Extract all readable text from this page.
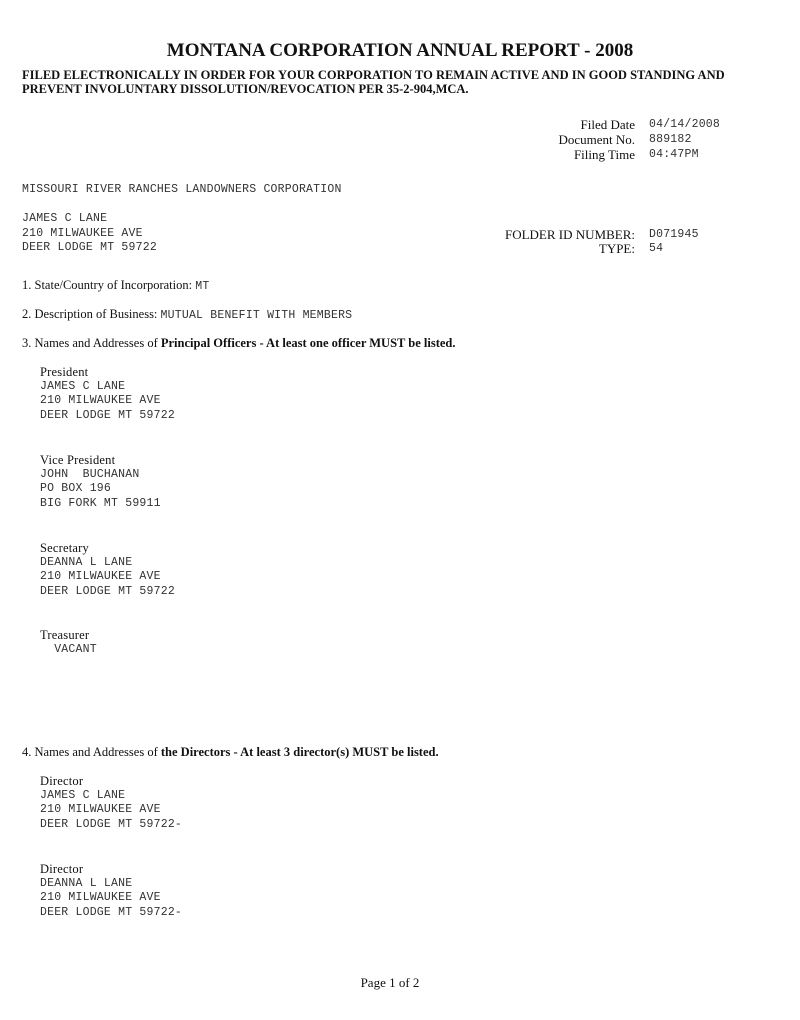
MONTANA CORPORATION ANNUAL REPORT - 2008
FILED ELECTRONICALLY IN ORDER FOR YOUR CORPORATION TO REMAIN ACTIVE AND IN GOOD STANDING AND PREVENT INVOLUNTARY DISSOLUTION/REVOCATION PER 35-2-904,MCA.
Filed Date 04/14/2008
Document No. 889182
Filing Time 04:47PM
MISSOURI RIVER RANCHES LANDOWNERS CORPORATION
JAMES C LANE
210 MILWAUKEE AVE
DEER LODGE MT 59722
FOLDER ID NUMBER: D071945
TYPE: 54
1. State/Country of Incorporation: MT
2. Description of Business: MUTUAL BENEFIT WITH MEMBERS
3. Names and Addresses of Principal Officers - At least one officer MUST be listed.
President
JAMES C LANE
210 MILWAUKEE AVE
DEER LODGE MT 59722
Vice President
JOHN  BUCHANAN
PO BOX 196
BIG FORK MT 59911
Secretary
DEANNA L LANE
210 MILWAUKEE AVE
DEER LODGE MT 59722
Treasurer
VACANT
4. Names and Addresses of the Directors - At least 3 director(s) MUST be listed.
Director
JAMES C LANE
210 MILWAUKEE AVE
DEER LODGE MT 59722-
Director
DEANNA L LANE
210 MILWAUKEE AVE
DEER LODGE MT 59722-
Page 1 of 2
